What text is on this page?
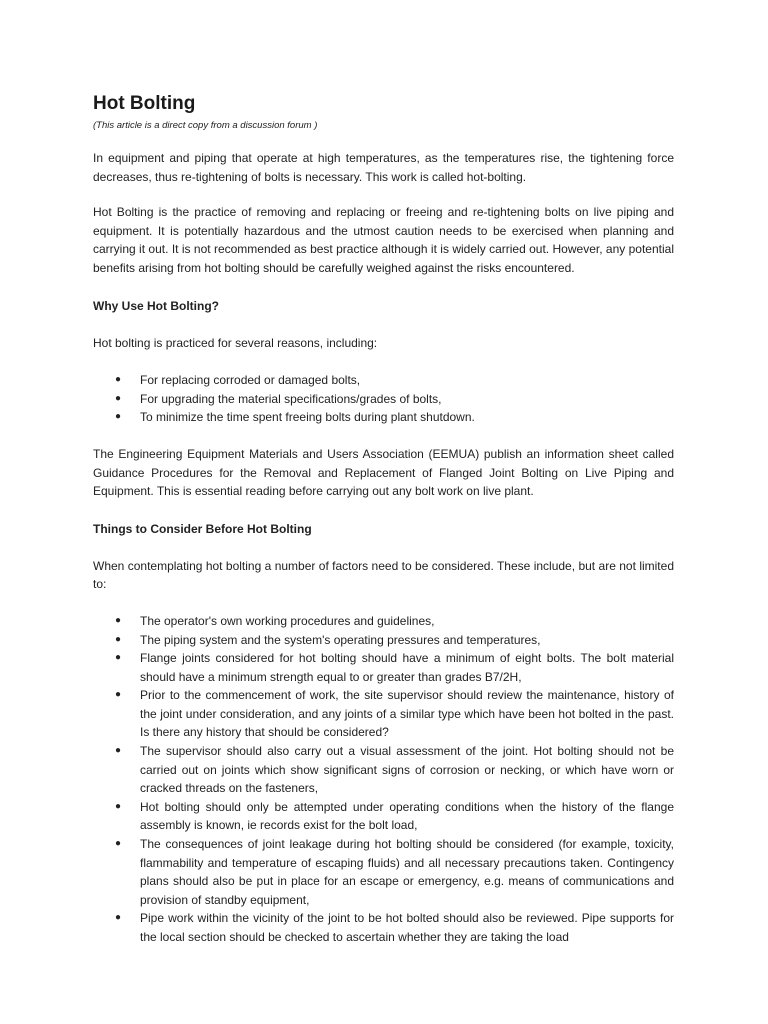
Hot Bolting
(This article is a direct copy from a discussion forum )

In equipment and piping that operate at high temperatures, as the temperatures rise, the tightening force decreases, thus re-tightening of bolts is necessary. This work is called hot-bolting.

Hot Bolting is the practice of removing and replacing or freeing and re-tightening bolts on live piping and equipment. It is potentially hazardous and the utmost caution needs to be exercised when planning and carrying it out. It is not recommended as best practice although it is widely carried out. However, any potential benefits arising from hot bolting should be carefully weighed against the risks encountered.

Why Use Hot Bolting?

Hot bolting is practiced for several reasons, including:

● For replacing corroded or damaged bolts,
● For upgrading the material specifications/grades of bolts,
● To minimize the time spent freeing bolts during plant shutdown.

The Engineering Equipment Materials and Users Association (EEMUA) publish an information sheet called Guidance Procedures for the Removal and Replacement of Flanged Joint Bolting on Live Piping and Equipment. This is essential reading before carrying out any bolt work on live plant.

Things to Consider Before Hot Bolting

When contemplating hot bolting a number of factors need to be considered. These include, but are not limited to:

● The operator's own working procedures and guidelines,
● The piping system and the system's operating pressures and temperatures,
● Flange joints considered for hot bolting should have a minimum of eight bolts. The bolt material should have a minimum strength equal to or greater than grades B7/2H,
● Prior to the commencement of work, the site supervisor should review the maintenance, history of the joint under consideration, and any joints of a similar type which have been hot bolted in the past. Is there any history that should be considered?
● The supervisor should also carry out a visual assessment of the joint. Hot bolting should not be carried out on joints which show significant signs of corrosion or necking, or which have worn or cracked threads on the fasteners,
● Hot bolting should only be attempted under operating conditions when the history of the flange assembly is known, ie records exist for the bolt load,
● The consequences of joint leakage during hot bolting should be considered (for example, toxicity, flammability and temperature of escaping fluids) and all necessary precautions taken. Contingency plans should also be put in place for an escape or emergency, e.g. means of communications and provision of standby equipment,
● Pipe work within the vicinity of the joint to be hot bolted should also be reviewed. Pipe supports for the local section should be checked to ascertain whether they are taking the load
